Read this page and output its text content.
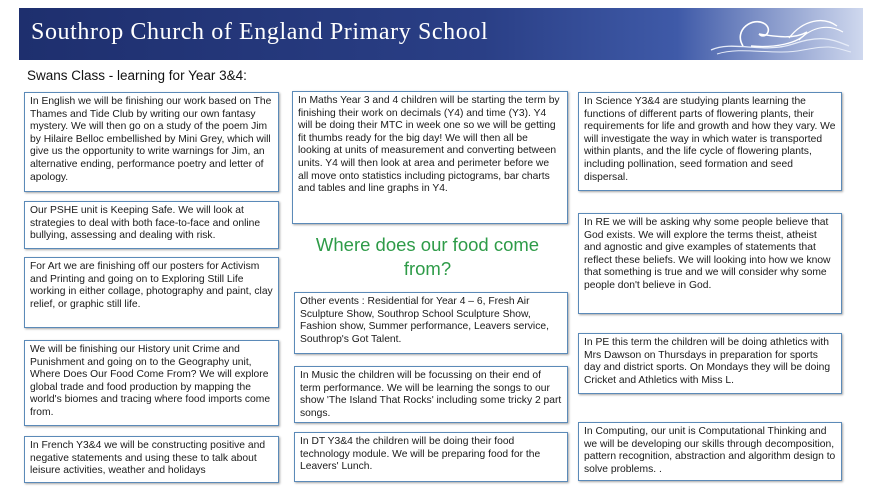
Southrop Church of England Primary School
Swans Class - learning for Year 3&4:
In English we will be finishing our work based on The Thames and Tide Club by writing our own fantasy mystery. We will then go on a study of the poem Jim by Hilaire Belloc embellished by Mini Grey, which will give us the opportunity to write warnings for Jim, an alternative ending, performance poetry and letter of apology.
Our PSHE unit is Keeping Safe. We will look at strategies to deal with both face-to-face and online bullying, assessing and dealing with risk.
For Art we are finishing off our posters for Activism and Printing and going on to Exploring Still Life
working in either collage, photography and paint, clay relief, or graphic still life.
We will be finishing our History unit Crime and Punishment and going on to the Geography unit, Where Does Our Food Come From? We will explore global trade and food production by mapping the world's biomes and tracing where food imports come from.
In French Y3&4 we will be constructing positive and negative statements and using these to talk about leisure activities, weather and holidays
In Maths Year 3 and 4 children will be starting the term by finishing their work on decimals (Y4) and time (Y3). Y4 will be doing their MTC in week one so we will be getting fit thumbs ready for the big day! We will then all be looking at units of measurement and converting between units. Y4 will then look at area and perimeter before we all move onto statistics including pictograms, bar charts and tables and line graphs in Y4.
Where does our food come from?
Other events : Residential for Year 4 – 6, Fresh Air Sculpture Show, Southrop School Sculpture Show, Fashion show, Summer performance, Leavers service, Southrop's Got Talent.
In Music the children will be focussing on their end of term performance. We will be learning the songs to our show 'The Island That Rocks' including some tricky 2 part songs.
In DT Y3&4 the children will be doing their food technology module. We will be preparing food for the Leavers' Lunch.
In Science Y3&4 are studying plants learning the functions of different parts of flowering plants, their requirements for life and growth and how they vary. We will investigate the way in which water is transported within plants, and the life cycle of flowering plants, including pollination, seed formation and seed dispersal.
In RE we will be asking why some people believe that God exists. We will explore the terms theist, atheist and agnostic and give examples of statements that reflect these beliefs. We will looking into how we know that something is true and we will consider why some people don't believe in God.
In PE this term the children will be doing athletics with Mrs Dawson on Thursdays in preparation for sports day and district sports. On Mondays they will be doing Cricket and Athletics with Miss L.
In Computing, our unit is Computational Thinking and we will be developing our skills through decomposition, pattern recognition, abstraction and algorithm design to solve problems. .
